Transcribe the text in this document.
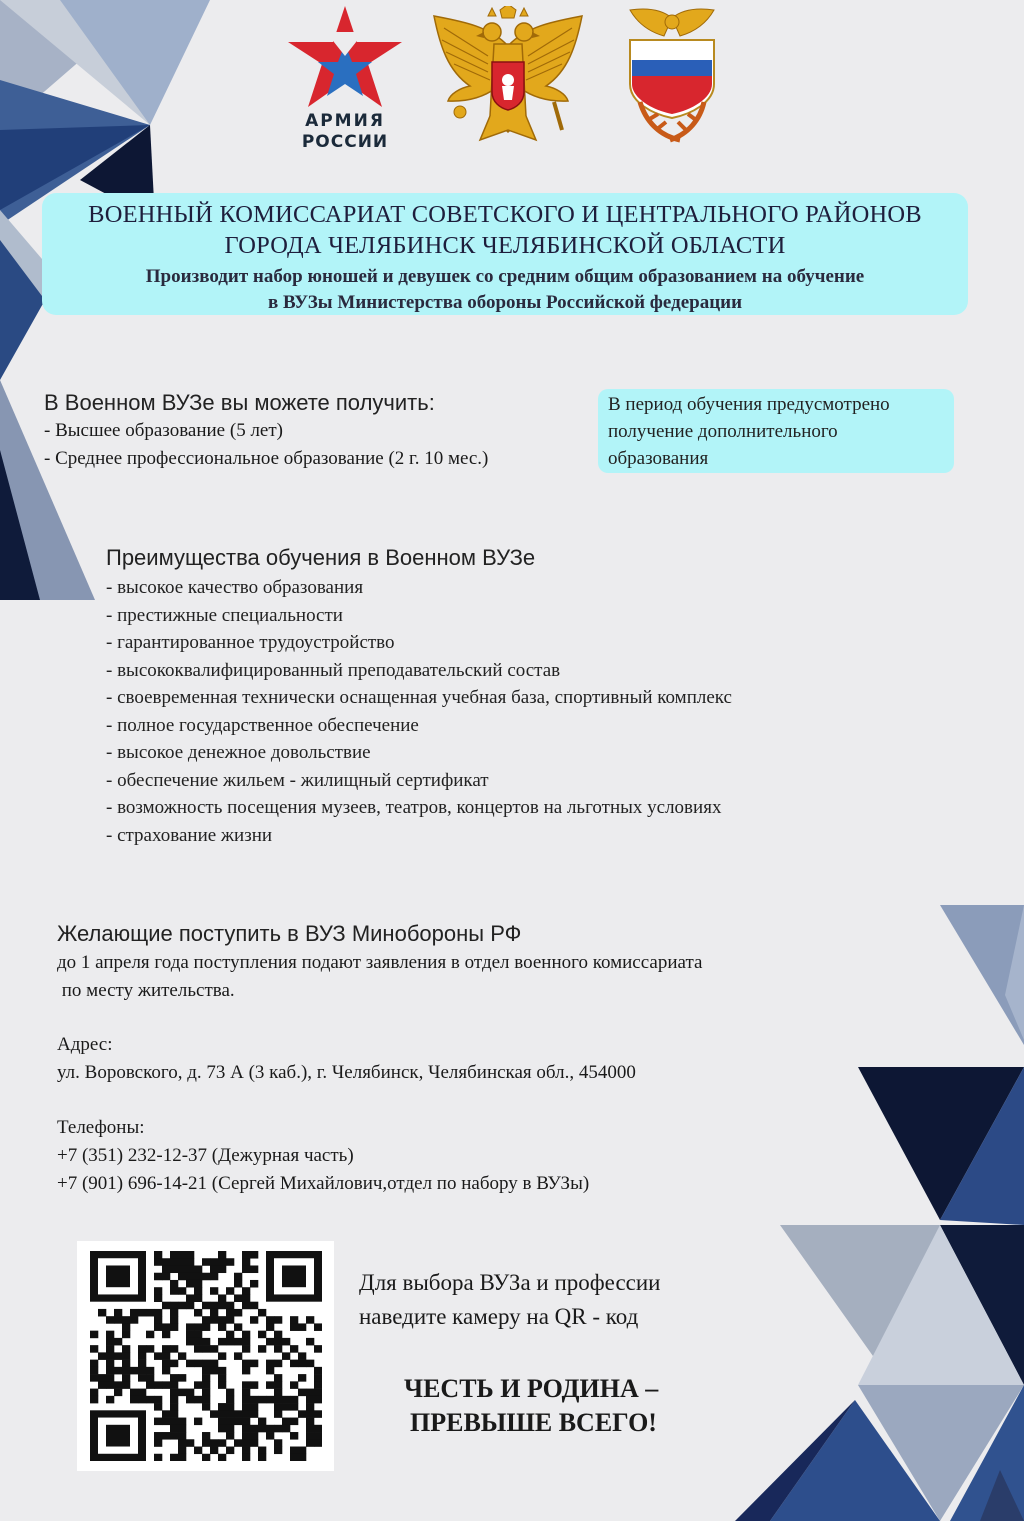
АРМИЯ
РОССИИ
ВОЕННЫЙ КОМИССАРИАТ СОВЕТСКОГО И ЦЕНТРАЛЬНОГО РАЙОНОВ
ГОРОДА ЧЕЛЯБИНСК ЧЕЛЯБИНСКОЙ ОБЛАСТИ
Производит набор юношей и девушек со средним общим образованием на обучение
в ВУЗы Министерства обороны Российской федерации
В Военном ВУЗе вы можете получить:
- Высшее образование (5 лет)
- Среднее профессиональное образование (2 г. 10 мес.)
В период обучения предусмотрено
получение дополнительного
образования
Преимущества обучения в Военном ВУЗе
- высокое качество образования
- престижные специальности
- гарантированное трудоустройство
- высококвалифицированный преподавательский состав
- своевременная технически оснащенная учебная база, спортивный комплекс
- полное государственное обеспечение
- высокое денежное довольствие
- обеспечение жильем - жилищный сертификат
- возможность посещения музеев, театров, концертов на льготных условиях
- страхование жизни
Желающие поступить в ВУЗ Минобороны РФ
до 1 апреля года поступления подают заявления в отдел военного комиссариата
по месту жительства.
Адрес:
ул. Воровского, д. 73 А (3 каб.), г. Челябинск, Челябинская обл., 454000
Телефоны:
+7 (351) 232-12-37 (Дежурная часть)
+7 (901) 696-14-21 (Сергей Михайлович,отдел по набору в ВУЗы)
Для выбора ВУЗа и профессии
наведите камеру на QR - код
ЧЕСТЬ И РОДИНА –
ПРЕВЫШЕ ВСЕГО!
